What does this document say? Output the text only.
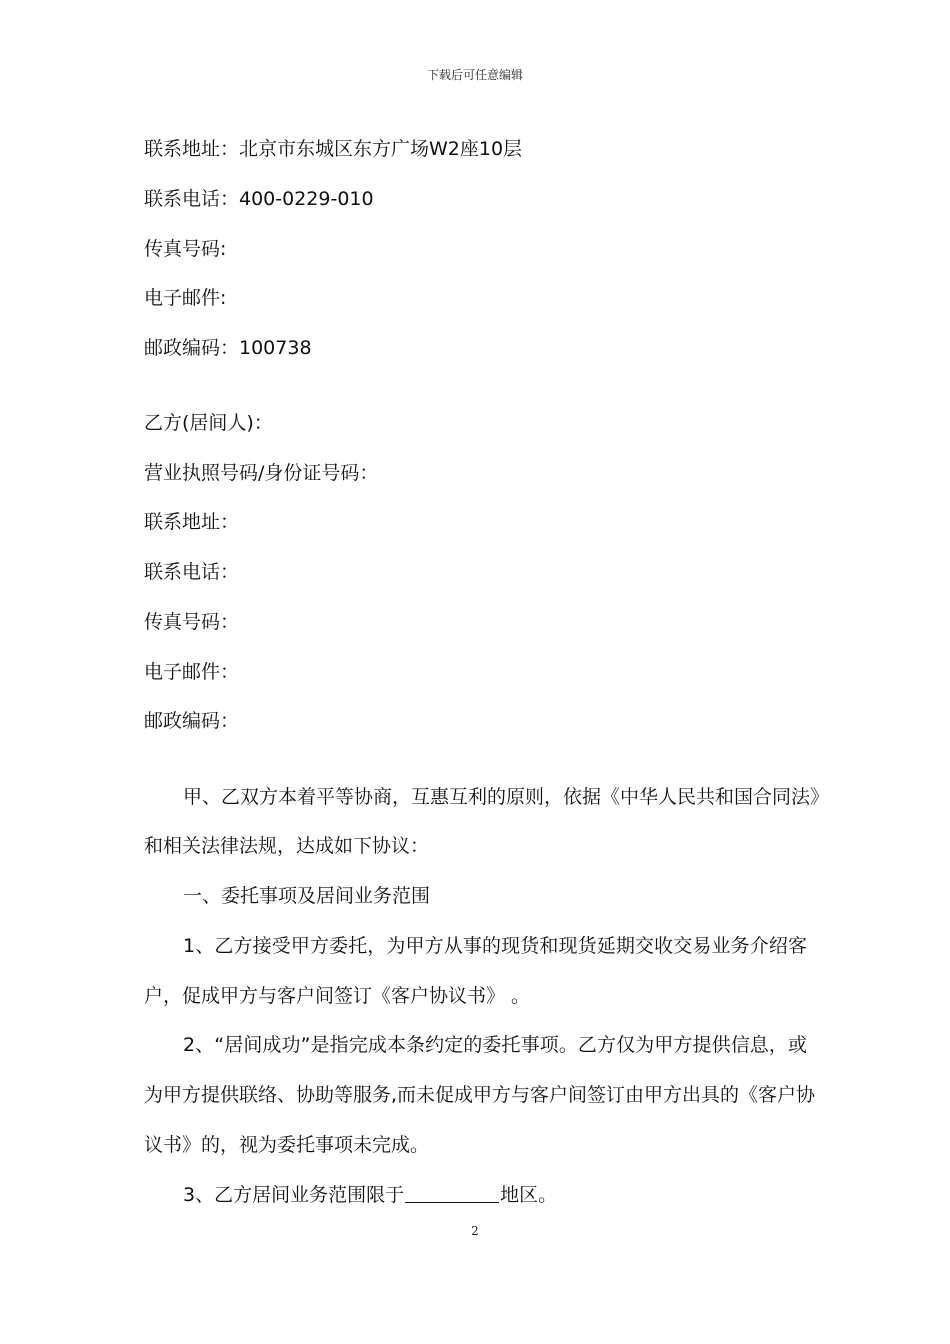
下载后可任意编辑
联系地址：北京市东城区东方广场W2座10层
联系电话：400-0229-010
传真号码:
电子邮件:
邮政编码：100738
乙方(居间人)：
营业执照号码/身份证号码：
联系地址：
联系电话：
传真号码：
电子邮件：
邮政编码：
甲、乙双方本着平等协商，互惠互利的原则，依据《中华人民共和国合同法》
和相关法律法规，达成如下协议：
一、委托事项及居间业务范围
1、乙方接受甲方委托，为甲方从事的现货和现货延期交收交易业务介绍客
户，促成甲方与客户间签订《客户协议书》 。
2、“居间成功”是指完成本条约定的委托事项。乙方仅为甲方提供信息，或
为甲方提供联络、协助等服务,而未促成甲方与客户间签订由甲方出具的《客户协
议书》的，视为委托事项未完成。
3、乙方居间业务范围限于	地区。
2
